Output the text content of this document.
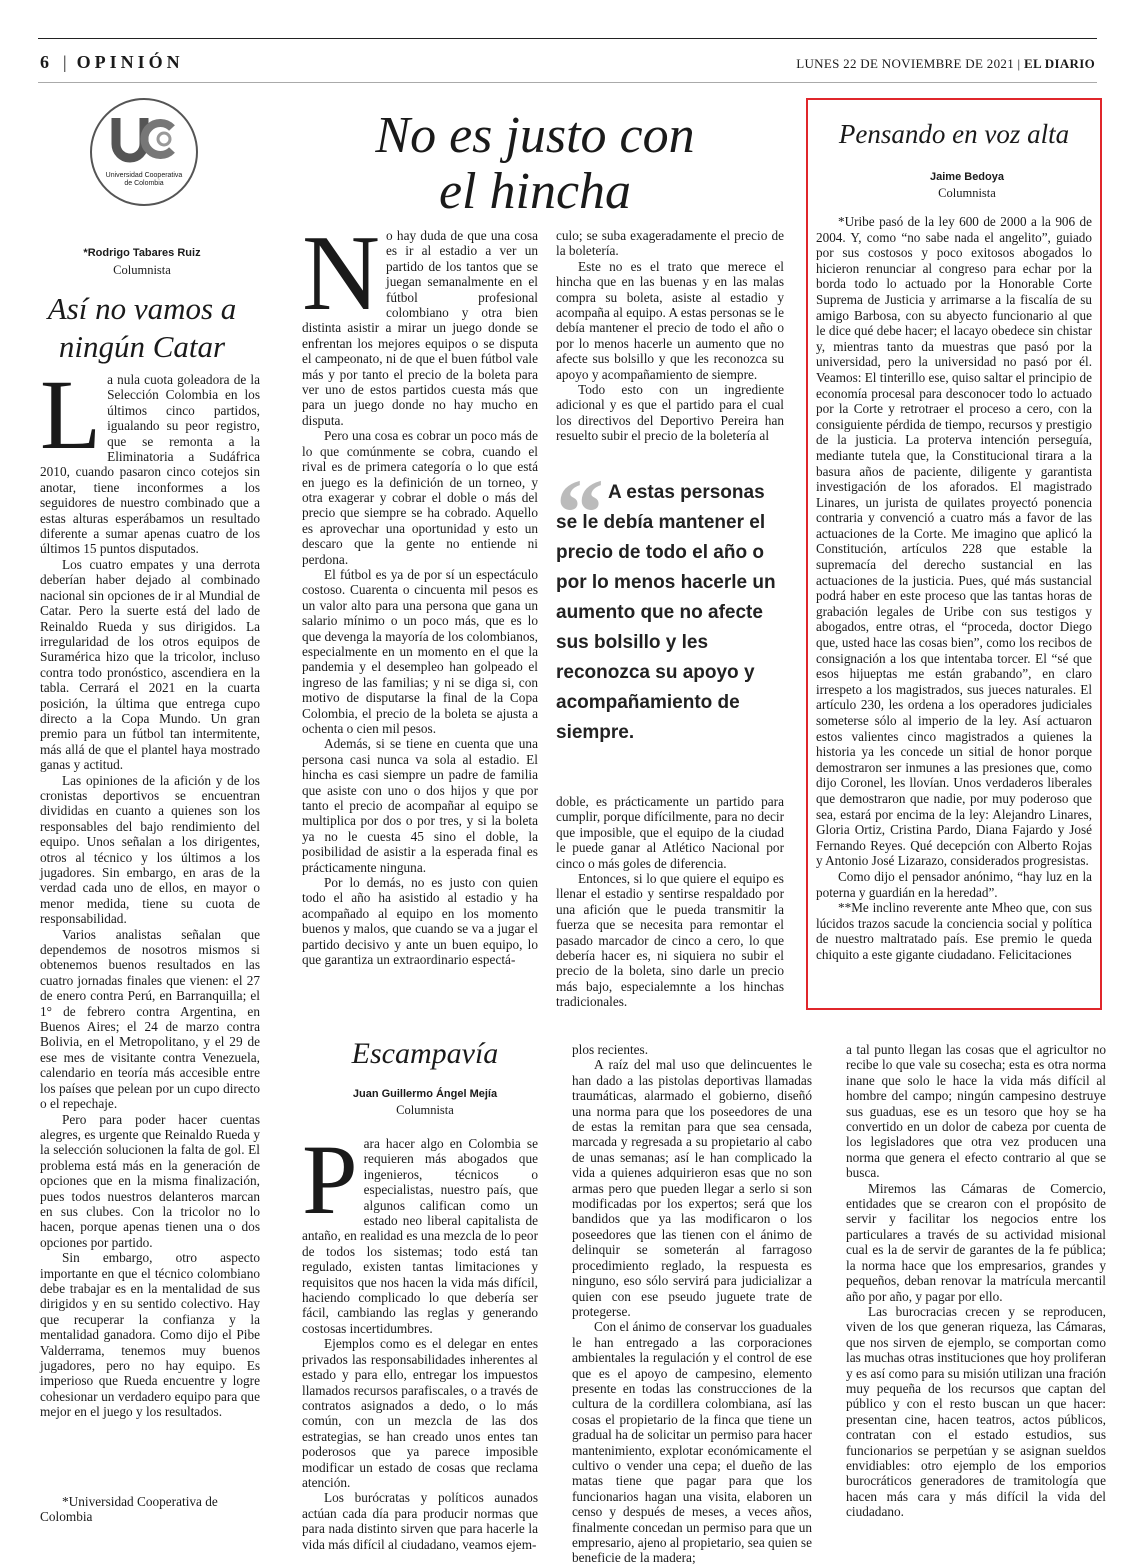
6 | OPINIÓN	LUNES 22 DE NOVIEMBRE DE 2021 | EL DIARIO
Universidad Cooperativa
de Colombia
*Rodrigo Tabares Ruiz
Columnista
Así no vamos a
ningún Catar
L a nula cuota goleadora de la Selección Colombia en los últimos cinco partidos, igualando su peor registro, que se remonta a la Eliminatoria a Sudáfrica 2010, cuando pasaron cinco cotejos sin anotar, tiene inconformes a los seguidores de nuestro combinado que a estas alturas esperábamos un resultado diferente a sumar apenas cuatro de los últimos 15 puntos disputados.

Los cuatro empates y una derrota deberían haber dejado al combinado nacional sin opciones de ir al Mundial de Catar. Pero la suerte está del lado de Reinaldo Rueda y sus dirigidos. La irregularidad de los otros equipos de Suramérica hizo que la tricolor, incluso contra todo pronóstico, ascendiera en la tabla. Cerrará el 2021 en la cuarta posición, la última que entrega cupo directo a la Copa Mundo. Un gran premio para un fútbol tan intermitente, más allá de que el plantel haya mostrado ganas y actitud.

Las opiniones de la afición y de los cronistas deportivos se encuentran divididas en cuanto a quienes son los responsables del bajo rendimiento del equipo. Unos señalan a los dirigentes, otros al técnico y los últimos a los jugadores. Sin embargo, en aras de la verdad cada uno de ellos, en mayor o menor medida, tiene su cuota de responsabilidad.

Varios analistas señalan que dependemos de nosotros mismos si obtenemos buenos resultados en las cuatro jornadas finales que vienen: el 27 de enero contra Perú, en Barranquilla; el 1° de febrero contra Argentina, en Buenos Aires; el 24 de marzo contra Bolivia, en el Metropolitano, y el 29 de ese mes de visitante contra Venezuela, calendario en teoría más accesible entre los países que pelean por un cupo directo o el repechaje.

Pero para poder hacer cuentas alegres, es urgente que Reinaldo Rueda y la selección solucionen la falta de gol. El problema está más en la generación de opciones que en la misma finalización, pues todos nuestros delanteros marcan en sus clubes. Con la tricolor no lo hacen, porque apenas tienen una o dos opciones por partido.

Sin embargo, otro aspecto importante en que el técnico colombiano debe trabajar es en la mentalidad de sus dirigidos y en su sentido colectivo. Hay que recuperar la confianza y la mentalidad ganadora. Como dijo el Pibe Valderrama, tenemos muy buenos jugadores, pero no hay equipo. Es imperioso que Rueda encuentre y logre cohesionar un verdadero equipo para que mejor en el juego y los resultados.

*Universidad Cooperativa de Colombia

No es justo con
el hincha
N o hay duda de que una cosa es ir al estadio a ver un partido de los tantos que se juegan semanalmente en el fútbol profesional colombiano y otra bien distinta asistir a mirar un juego donde se enfrentan los mejores equipos o se disputa el campeonato, ni de que el buen fútbol vale más y por tanto el precio de la boleta para ver uno de estos partidos cuesta más que para un juego donde no hay mucho en disputa.

Pero una cosa es cobrar un poco más de lo que comúnmente se cobra, cuando el rival es de primera categoría o lo que está en juego es la definición de un torneo, y otra exagerar y cobrar el doble o más del precio que siempre se ha cobrado. Aquello es aprovechar una oportunidad y esto un descaro que la gente no entiende ni perdona.

El fútbol es ya de por sí un espectáculo costoso. Cuarenta o cincuenta mil pesos es un valor alto para una persona que gana un salario mínimo o un poco más, que es lo que devenga la mayoría de los colombianos, especialmente en un momento en el que la pandemia y el desempleo han golpeado el ingreso de las familias; y ni se diga si, con motivo de disputarse la final de la Copa Colombia, el precio de la boleta se ajusta a ochenta o cien mil pesos.

Además, si se tiene en cuenta que una persona casi nunca va sola al estadio. El hincha es casi siempre un padre de familia que asiste con uno o dos hijos y que por tanto el precio de acompañar al equipo se multiplica por dos o por tres, y si la boleta ya no le cuesta 45 sino el doble, la posibilidad de asistir a la esperada final es prácticamente ninguna.

Por lo demás, no es justo con quien todo el año ha asistido al estadio y ha acompañado al equipo en los momento buenos y malos, que cuando se va a jugar el partido decisivo y ante un buen equipo, lo que garantiza un extraordinario espectá-

culo; se suba exageradamente el precio de la boletería.

Este no es el trato que merece el hincha que en las buenas y en las malas compra su boleta, asiste al estadio y acompaña al equipo. A estas personas se le debía mantener el precio de todo el año o por lo menos hacerle un aumento que no afecte sus bolsillo y que les reconozca su apoyo y acompañamiento de siempre.

Todo esto con un ingrediente adicional y es que el partido para el cual los directivos del Deportivo Pereira han resuelto subir el precio de la boletería al

“ A estas personas se le debía mantener el precio de todo el año o por lo menos hacerle un aumento que no afecte sus bolsillo y les reconozca su apoyo y acompañamiento de siempre.

doble, es prácticamente un partido para cumplir, porque difícilmente, para no decir que imposible, que el equipo de la ciudad le puede ganar al Atlético Nacional por cinco o más goles de diferencia.

Entonces, si lo que quiere el equipo es llenar el estadio y sentirse respaldado por una afición que le pueda transmitir la fuerza que se necesita para remontar el pasado marcador de cinco a cero, lo que debería hacer es, ni siquiera no subir el precio de la boleta, sino darle un precio más bajo, especialemnte a los hinchas tradicionales.

Pensando en voz alta
Jaime Bedoya
Columnista

*Uribe pasó de la ley 600 de 2000 a la 906 de 2004. Y, como “no sabe nada el angelito”, guiado por sus costosos y poco exitosos abogados lo hicieron renunciar al congreso para echar por la borda todo lo actuado por la Honorable Corte Suprema de Justicia y arrimarse a la fiscalía de su amigo Barbosa, con su abyecto funcionario al que le dice qué debe hacer; el lacayo obedece sin chistar y, mientras tanto da muestras que pasó por la universidad, pero la universidad no pasó por él. Veamos: El tinterillo ese, quiso saltar el principio de economía procesal para desconocer todo lo actuado por la Corte y retrotraer el proceso a cero, con la consiguiente pérdida de tiempo, recursos y prestigio de la justicia. La proterva intención perseguía, mediante tutela que, la Constitucional tirara a la basura años de paciente, diligente y garantista investigación de los aforados. El magistrado Linares, un jurista de quilates proyectó ponencia contraria y convenció a cuatro más a favor de las actuaciones de la Corte. Me imagino que aplicó la Constitución, artículos 228 que estable la supremacía del derecho sustancial en las actuaciones de la justicia. Pues, qué más sustancial podrá haber en este proceso que las tantas horas de grabación legales de Uribe con sus testigos y abogados, entre otras, el “proceda, doctor Diego que, usted hace las cosas bien”, como los recibos de consignación a los que intentaba torcer. El “sé que esos hijueptas me están grabando”, en claro irrespeto a los magistrados, sus jueces naturales. El artículo 230, les ordena a los operadores judiciales someterse sólo al imperio de la ley. Así actuaron estos valientes cinco magistrados a quienes la historia ya les concede un sitial de honor porque demostraron ser inmunes a las presiones que, como dijo Coronel, les llovían. Unos verdaderos liberales que demostraron que nadie, por muy poderoso que sea, estará por encima de la ley: Alejandro Linares, Gloria Ortiz, Cristina Pardo, Diana Fajardo y José Fernando Reyes. Qué decepción con Alberto Rojas y Antonio José Lizarazo, considerados progresistas.

Como dijo el pensador anónimo, “hay luz en la poterna y guardián en la heredad”.

**Me inclino reverente ante Mheo que, con sus lúcidos trazos sacude la conciencia social y política de nuestro maltratado país. Ese premio le queda chiquito a este gigante ciudadano. Felicitaciones

Escampavía
Juan Guillermo Ángel Mejía
Columnista
P ara hacer algo en Colombia se requieren más abogados que ingenieros, técnicos o especialistas, nuestro país, que algunos califican como un estado neo liberal capitalista de antaño, en realidad es una mezcla de lo peor de todos los sistemas; todo está tan regulado, existen tantas limitaciones y requisitos que nos hacen la vida más difícil, haciendo complicado lo que debería ser fácil, cambiando las reglas y generando costosas incertidumbres.

Ejemplos como es el delegar en entes privados las responsabilidades inherentes al estado y para ello, entregar los impuestos llamados recursos parafiscales, o a través de contratos asignados a dedo, o lo más común, con un mezcla de las dos estrategias, se han creado unos entes tan poderosos que ya parece imposible modificar un estado de cosas que reclama atención.

Los burócratas y políticos aunados actúan cada día para producir normas que para nada distinto sirven que para hacerle la vida más difícil al ciudadano, veamos ejem-

plos recientes.

A raíz del mal uso que delincuentes le han dado a las pistolas deportivas llamadas traumáticas, alarmado el gobierno, diseñó una norma para que los poseedores de una de estas la remitan para que sea censada, marcada y regresada a su propietario al cabo de unas semanas; así le han complicado la vida a quienes adquirieron esas que no son armas pero que pueden llegar a serlo si son modificadas por los expertos; será que los bandidos que ya las modificaron o los poseedores que las tienen con el ánimo de delinquir se someterán al farragoso procedimiento reglado, la respuesta es ninguno, eso sólo servirá para judicializar a quien con ese pseudo juguete trate de protegerse.

Con el ánimo de conservar los guaduales le han entregado a las corporaciones ambientales la regulación y el control de ese que es el apoyo de campesino, elemento presente en todas las construcciones de la cultura de la cordillera colombiana, así las cosas el propietario de la finca que tiene un gradual ha de solicitar un permiso para hacer mantenimiento, explotar económicamente el cultivo o vender una cepa; el dueño de las matas tiene que pagar para que los funcionarios hagan una visita, elaboren un censo y después de meses, a veces años, finalmente concedan un permiso para que un empresario, ajeno al propietario, sea quien se beneficie de la madera;

a tal punto llegan las cosas que el agricultor no recibe lo que vale su cosecha; esta es otra norma inane que solo le hace la vida más difícil al hombre del campo; ningún campesino destruye sus guaduas, ese es un tesoro que hoy se ha convertido en un dolor de cabeza por cuenta de los legisladores que otra vez producen una norma que genera el efecto contrario al que se busca.

Miremos las Cámaras de Comercio, entidades que se crearon con el propósito de servir y facilitar los negocios entre los particulares a través de su actividad misional cual es la de servir de garantes de la fe pública; la norma hace que los empresarios, grandes y pequeños, deban renovar la matrícula mercantil año por año, y pagar por ello.

Las burocracias crecen y se reproducen, viven de los que generan riqueza, las Cámaras, que nos sirven de ejemplo, se comportan como las muchas otras instituciones que hoy proliferan y es así como para su misión utilizan una fración muy pequeña de los recursos que captan del público y con el resto buscan un que hacer: presentan cine, hacen teatros, actos públicos, contratan con el estado estudios, sus funcionarios se perpetúan y se asignan sueldos envidiables: otro ejemplo de los emporios burocráticos generadores de tramitología que hacen más cara y más difícil la vida del ciudadano.
